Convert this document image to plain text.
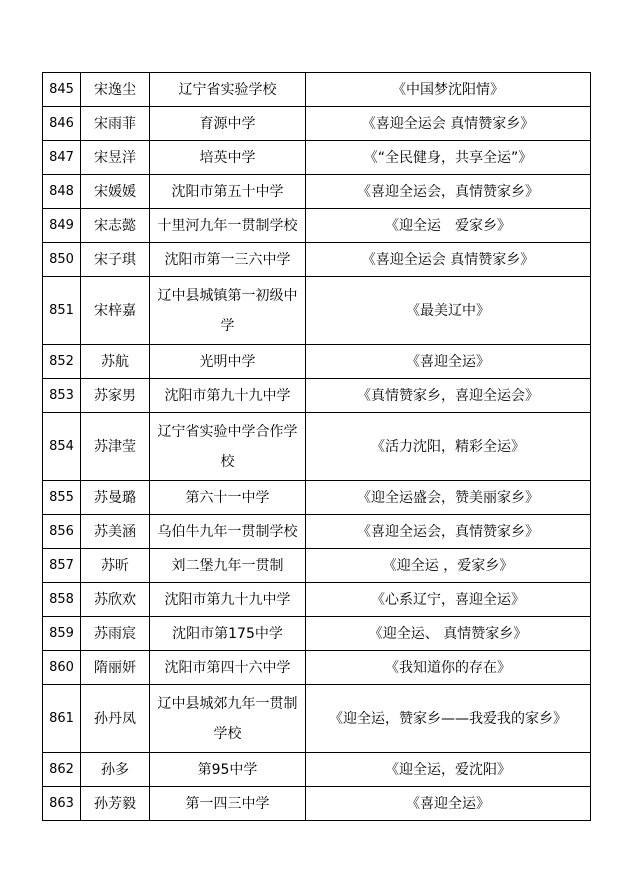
845	宋逸尘	辽宁省实验学校	《中国梦沈阳情》
846	宋雨菲	育源中学	《喜迎全运会 真情赞家乡》
847	宋昱洋	培英中学	《“全民健身，共享全运”》
848	宋媛媛	沈阳市第五十中学	《喜迎全运会，真情赞家乡》
849	宋志懿	十里河九年一贯制学校	《迎全运　爱家乡》
850	宋子琪	沈阳市第一三六中学	《喜迎全运会 真情赞家乡》
851	宋梓嘉	辽中县城镇第一初级中学	《最美辽中》
852	苏航	光明中学	《喜迎全运》
853	苏家男	沈阳市第九十九中学	《真情赞家乡，喜迎全运会》
854	苏津莹	辽宁省实验中学合作学校	《活力沈阳，精彩全运》
855	苏曼璐	第六十一中学	《迎全运盛会，赞美丽家乡》
856	苏美涵	乌伯牛九年一贯制学校	《喜迎全运会，真情赞家乡》
857	苏昕	刘二堡九年一贯制	《迎全运 ，爱家乡》
858	苏欣欢	沈阳市第九十九中学	《心系辽宁，喜迎全运》
859	苏雨宸	沈阳市第175中学	《迎全运、 真情赞家乡》
860	隋丽妍	沈阳市第四十六中学	《我知道你的存在》
861	孙丹凤	辽中县城郊九年一贯制学校	《迎全运，赞家乡——我爱我的家乡》
862	孙多	第95中学	《迎全运，爱沈阳》
863	孙芳毅	第一四三中学	《喜迎全运》
